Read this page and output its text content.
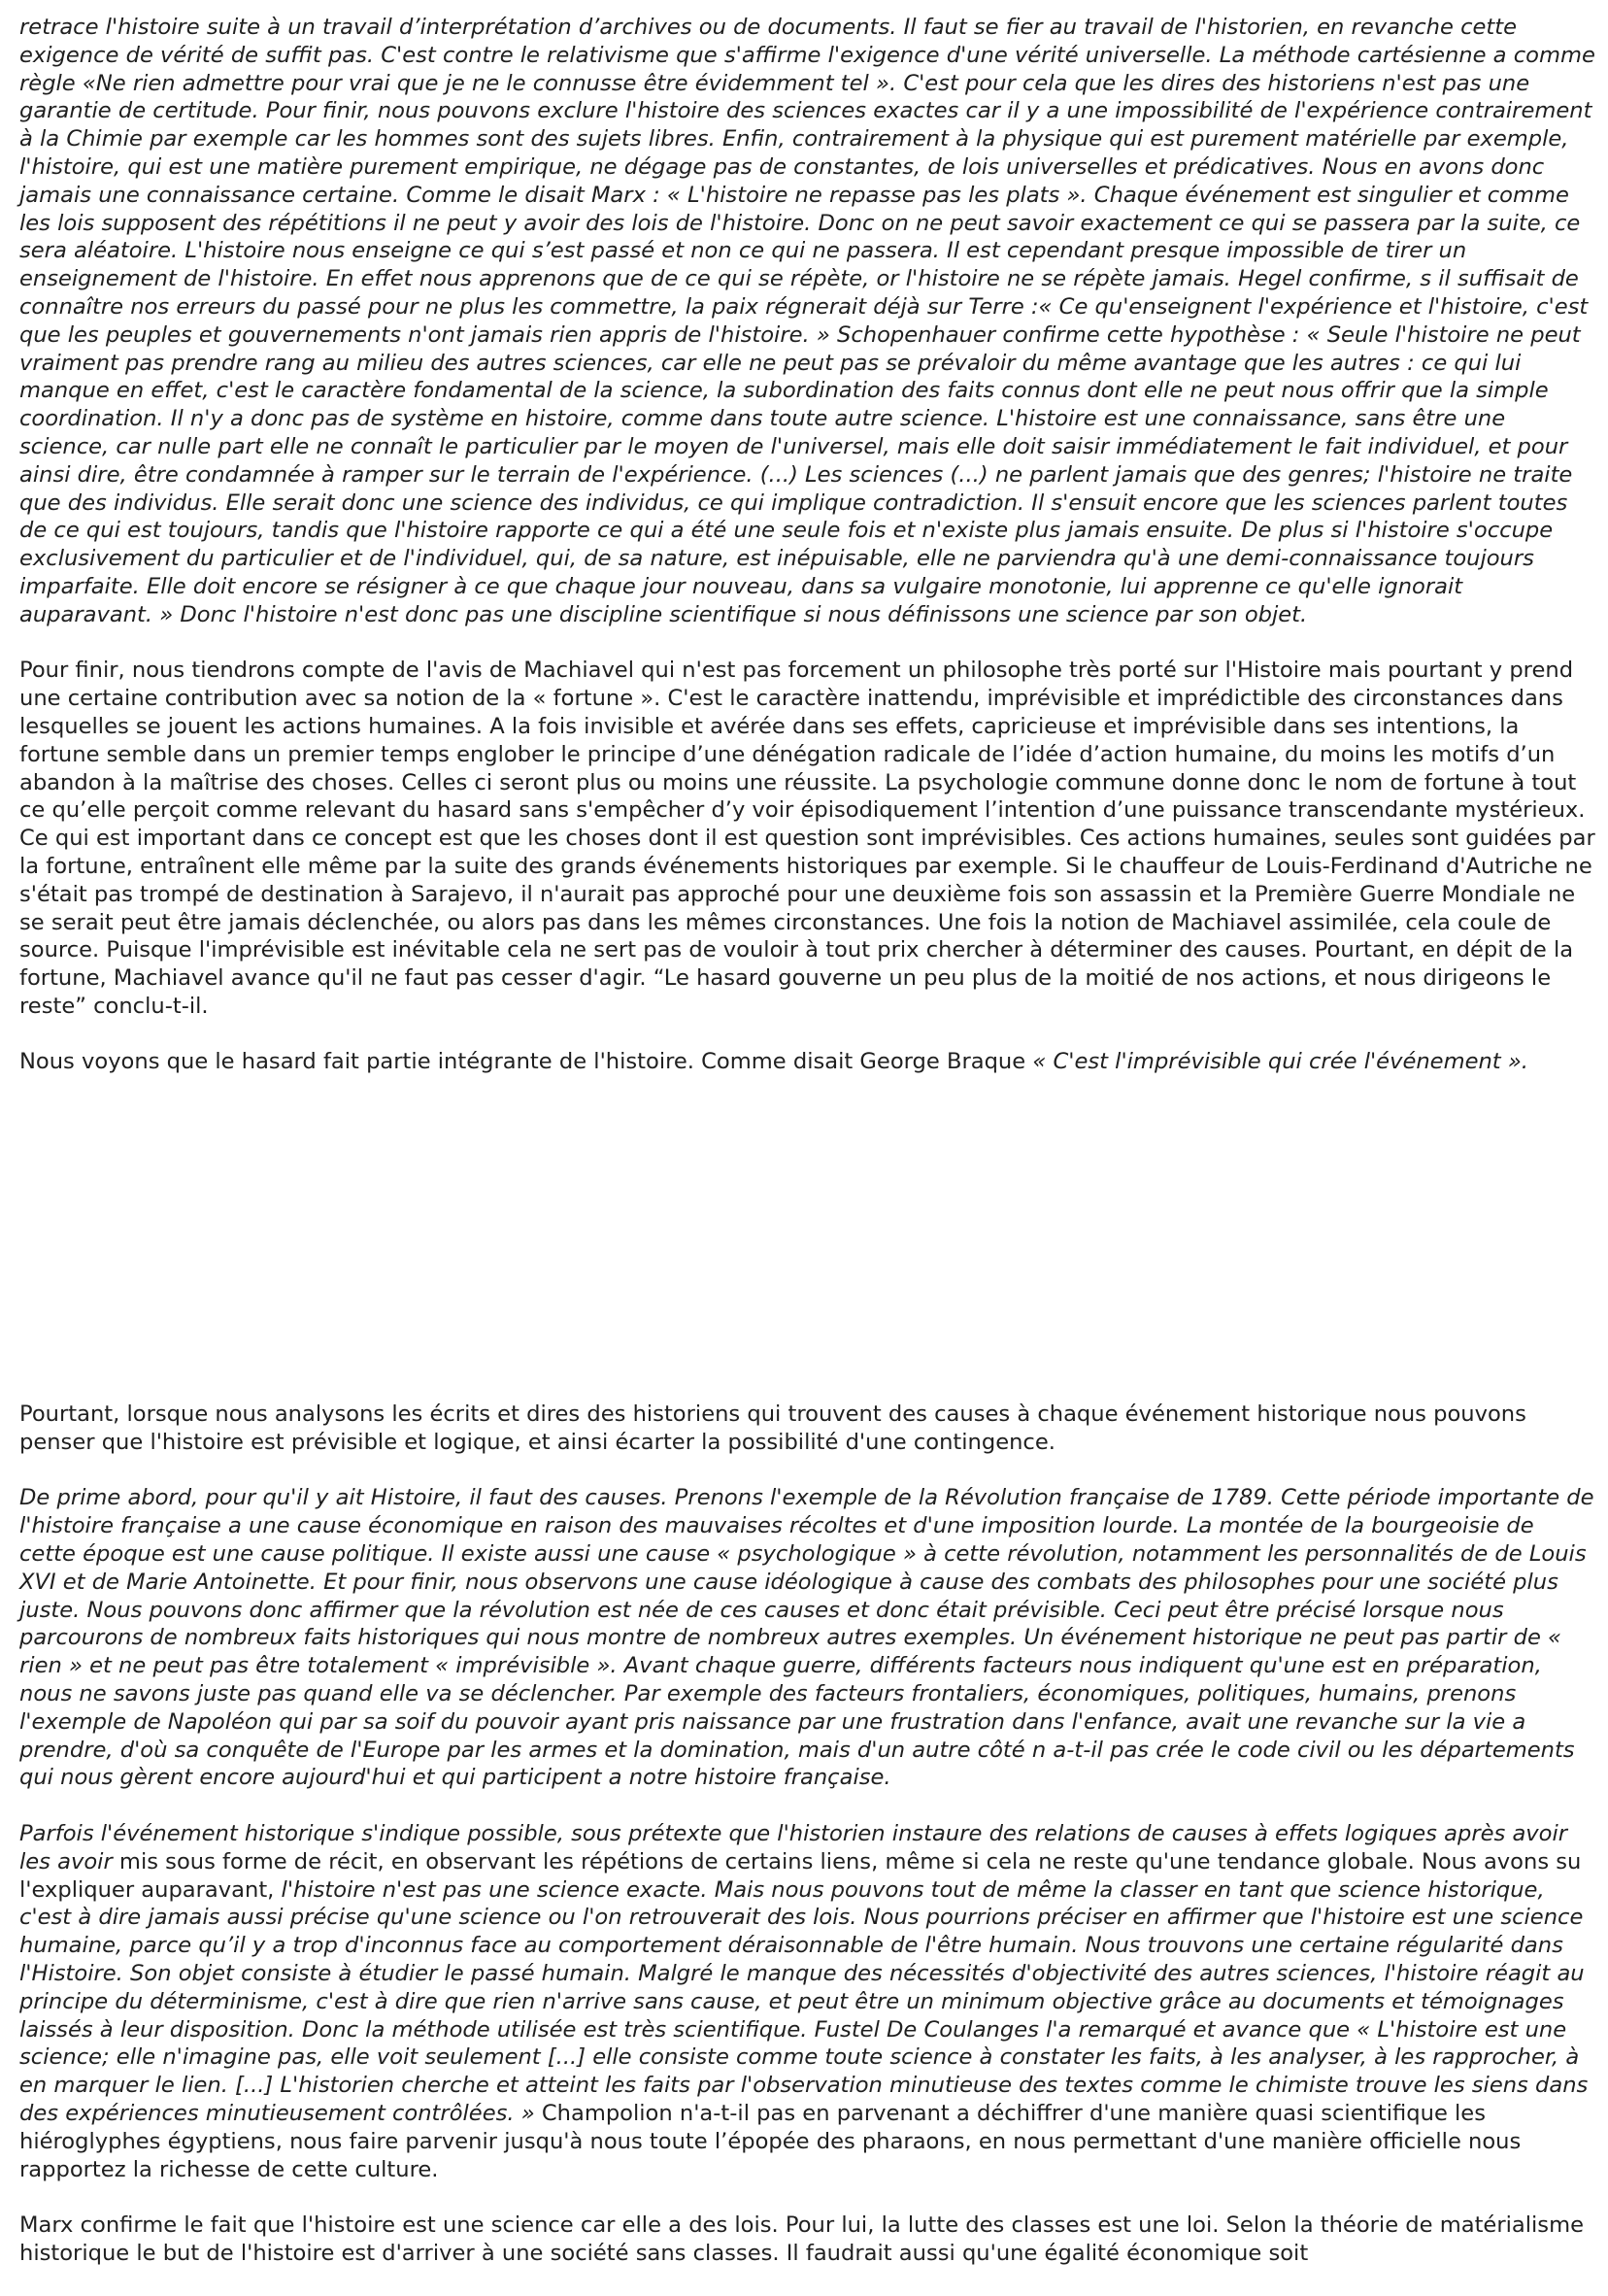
retrace l'histoire suite à un travail d’interprétation d’archives ou de documents. Il faut se fier au travail de l'historien, en revanche cette exigence de vérité de suffit pas. C'est contre le relativisme que s'affirme l'exigence d'une vérité universelle. La méthode cartésienne a comme règle «Ne rien admettre pour vrai que je ne le connusse être évidemment tel ». C'est pour cela que les dires des historiens n'est pas une garantie de certitude. Pour finir, nous pouvons exclure l'histoire des sciences exactes car il y a une impossibilité de l'expérience contrairement à la Chimie par exemple car les hommes sont des sujets libres. Enfin, contrairement à la physique qui est purement matérielle par exemple, l'histoire, qui est une matière purement empirique, ne dégage pas de constantes, de lois universelles et prédicatives. Nous en avons donc jamais une connaissance certaine. Comme le disait Marx : « L'histoire ne repasse pas les plats ». Chaque événement est singulier et comme les lois supposent des répétitions il ne peut y avoir des lois de l'histoire. Donc on ne peut savoir exactement ce qui se passera par la suite, ce sera aléatoire. L'histoire nous enseigne ce qui s’est passé et non ce qui ne passera. Il est cependant presque impossible de tirer un enseignement de l'histoire. En effet nous apprenons que de ce qui se répète, or l'histoire ne se répète jamais. Hegel confirme, s il suffisait de connaître nos erreurs du passé pour ne plus les commettre, la paix régnerait déjà sur Terre :« Ce qu'enseignent l'expérience et l'histoire, c'est que les peuples et gouvernements n'ont jamais rien appris de l'histoire. » Schopenhauer confirme cette hypothèse : « Seule l'histoire ne peut vraiment pas prendre rang au milieu des autres sciences, car elle ne peut pas se prévaloir du même avantage que les autres : ce qui lui manque en effet, c'est le caractère fondamental de la science, la subordination des faits connus dont elle ne peut nous offrir que la simple coordination. Il n'y a donc pas de système en histoire, comme dans toute autre science. L'histoire est une connaissance, sans être une science, car nulle part elle ne connaît le particulier par le moyen de l'universel, mais elle doit saisir immédiatement le fait individuel, et pour ainsi dire, être condamnée à ramper sur le terrain de l'expérience. (...) Les sciences (...) ne parlent jamais que des genres; l'histoire ne traite que des individus. Elle serait donc une science des individus, ce qui implique contradiction. Il s'ensuit encore que les sciences parlent toutes de ce qui est toujours, tandis que l'histoire rapporte ce qui a été une seule fois et n'existe plus jamais ensuite. De plus si l'histoire s'occupe exclusivement du particulier et de l'individuel, qui, de sa nature, est inépuisable, elle ne parviendra qu'à une demi-connaissance toujours imparfaite. Elle doit encore se résigner à ce que chaque jour nouveau, dans sa vulgaire monotonie, lui apprenne ce qu'elle ignorait auparavant. » Donc l'histoire n'est donc pas une discipline scientifique si nous définissons une science par son objet.

Pour finir, nous tiendrons compte de l'avis de Machiavel qui n'est pas forcement un philosophe très porté sur l'Histoire mais pourtant y prend une certaine contribution avec sa notion de la « fortune ». C'est le caractère inattendu, imprévisible et imprédictible des circonstances dans lesquelles se jouent les actions humaines. A la fois invisible et avérée dans ses effets, capricieuse et imprévisible dans ses intentions, la fortune semble dans un premier temps englober le principe d’une dénégation radicale de l’idée d’action humaine, du moins les motifs d’un abandon à la maîtrise des choses. Celles ci seront plus ou moins une réussite. La psychologie commune donne donc le nom de fortune à tout ce qu’elle perçoit comme relevant du hasard sans s'empêcher d’y voir épisodiquement l’intention d’une puissance transcendante mystérieux. Ce qui est important dans ce concept est que les choses dont il est question sont imprévisibles. Ces actions humaines, seules sont guidées par la fortune, entraînent elle même par la suite des grands événements historiques par exemple. Si le chauffeur de Louis-Ferdinand d'Autriche ne s'était pas trompé de destination à Sarajevo, il n'aurait pas approché pour une deuxième fois son assassin et la Première Guerre Mondiale ne se serait peut être jamais déclenchée, ou alors pas dans les mêmes circonstances. Une fois la notion de Machiavel assimilée, cela coule de source. Puisque l'imprévisible est inévitable cela ne sert pas de vouloir à tout prix chercher à déterminer des causes. Pourtant, en dépit de la fortune, Machiavel avance qu'il ne faut pas cesser d'agir. “Le hasard gouverne un peu plus de la moitié de nos actions, et nous dirigeons le reste” conclu-t-il.

Nous voyons que le hasard fait partie intégrante de l'histoire. Comme disait George Braque « C'est l'imprévisible qui crée l'événement ».

Pourtant, lorsque nous analysons les écrits et dires des historiens qui trouvent des causes à chaque événement historique nous pouvons penser que l'histoire est prévisible et logique, et ainsi écarter la possibilité d'une contingence.

De prime abord, pour qu'il y ait Histoire, il faut des causes. Prenons l'exemple de la Révolution française de 1789. Cette période importante de l'histoire française a une cause économique en raison des mauvaises récoltes et d'une imposition lourde. La montée de la bourgeoisie de cette époque est une cause politique. Il existe aussi une cause « psychologique » à cette révolution, notamment les personnalités de de Louis XVI et de Marie Antoinette. Et pour finir, nous observons une cause idéologique à cause des combats des philosophes pour une société plus juste. Nous pouvons donc affirmer que la révolution est née de ces causes et donc était prévisible. Ceci peut être précisé lorsque nous parcourons de nombreux faits historiques qui nous montre de nombreux autres exemples. Un événement historique ne peut pas partir de « rien » et ne peut pas être totalement « imprévisible ». Avant chaque guerre, différents facteurs nous indiquent qu'une est en préparation, nous ne savons juste pas quand elle va se déclencher. Par exemple des facteurs frontaliers, économiques, politiques, humains, prenons l'exemple de Napoléon qui par sa soif du pouvoir ayant pris naissance par une frustration dans l'enfance, avait une revanche sur la vie a prendre, d'où sa conquête de l'Europe par les armes et la domination, mais d'un autre côté n a-t-il pas crée le code civil ou les départements qui nous gèrent encore aujourd'hui et qui participent a notre histoire française.

Parfois l'événement historique s'indique possible, sous prétexte que l'historien instaure des relations de causes à effets logiques après avoir les avoir mis sous forme de récit, en observant les répétions de certains liens, même si cela ne reste qu'une tendance globale. Nous avons su l'expliquer auparavant, l'histoire n'est pas une science exacte. Mais nous pouvons tout de même la classer en tant que science historique, c'est à dire jamais aussi précise qu'une science ou l'on retrouverait des lois. Nous pourrions préciser en affirmer que l'histoire est une science humaine, parce qu’il y a trop d'inconnus face au comportement déraisonnable de l'être humain. Nous trouvons une certaine régularité dans l'Histoire. Son objet consiste à étudier le passé humain. Malgré le manque des nécessités d'objectivité des autres sciences, l'histoire réagit au principe du déterminisme, c'est à dire que rien n'arrive sans cause, et peut être un minimum objective grâce au documents et témoignages laissés à leur disposition. Donc la méthode utilisée est très scientifique. Fustel De Coulanges l'a remarqué et avance que « L'histoire est une science; elle n'imagine pas, elle voit seulement [...] elle consiste comme toute science à constater les faits, à les analyser, à les rapprocher, à en marquer le lien. [...] L'historien cherche et atteint les faits par l'observation minutieuse des textes comme le chimiste trouve les siens dans des expériences minutieusement contrôlées. » Champolion n'a-t-il pas en parvenant a déchiffrer d'une manière quasi scientifique les hiéroglyphes égyptiens, nous faire parvenir jusqu'à nous toute l’épopée des pharaons, en nous permettant d'une manière officielle nous rapportez la richesse de cette culture.

Marx confirme le fait que l'histoire est une science car elle a des lois. Pour lui, la lutte des classes est une loi. Selon la théorie de matérialisme historique le but de l'histoire est d'arriver à une société sans classes. Il faudrait aussi qu'une égalité économique soit
